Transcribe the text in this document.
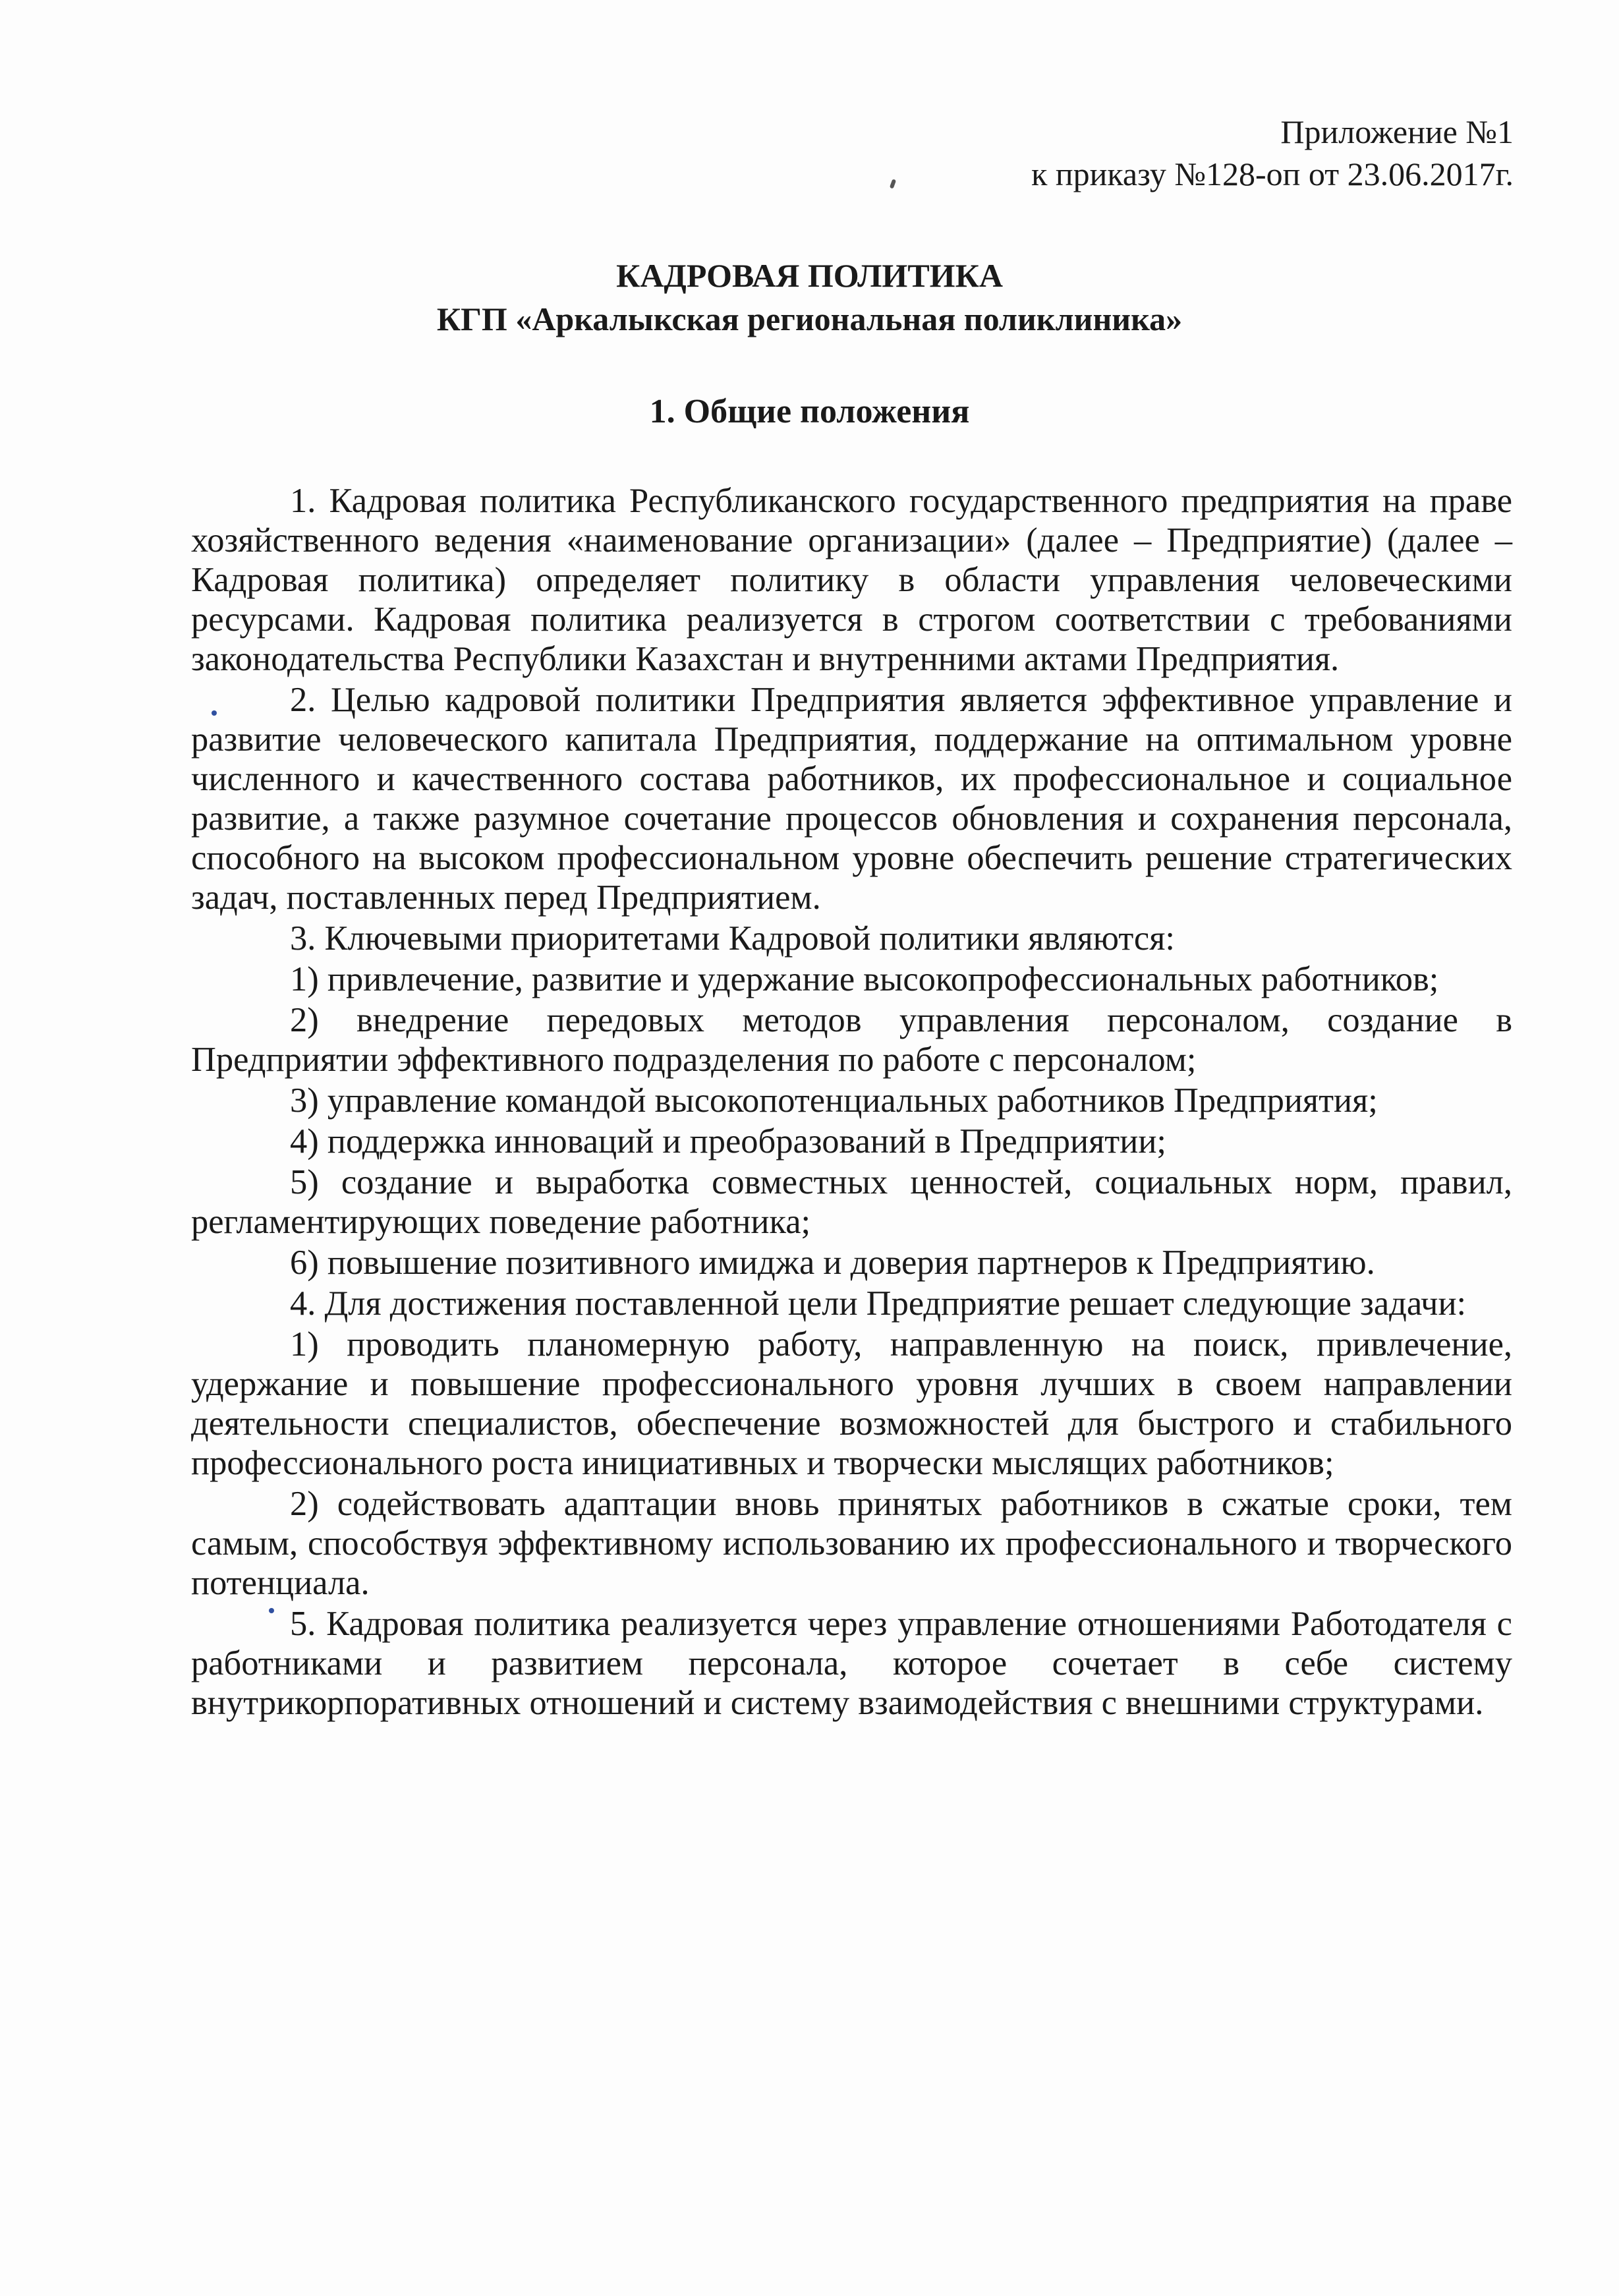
Приложение №1
к приказу №128-оп от 23.06.2017г.
КАДРОВАЯ ПОЛИТИКА
КГП «Аркалыкская региональная поликлиника»
1. Общие положения

1. Кадровая политика Республиканского государственного предприятия на праве хозяйственного ведения «наименование организации» (далее – Предприятие) (далее – Кадровая политика) определяет политику в области управления человеческими ресурсами. Кадровая политика реализуется в строгом соответствии с требованиями законодательства Республики Казахстан и внутренними актами Предприятия.

2. Целью кадровой политики Предприятия является эффективное управление и развитие человеческого капитала Предприятия, поддержание на оптимальном уровне численного и качественного состава работников, их профессиональное и социальное развитие, а также разумное сочетание процессов обновления и сохранения персонала, способного на высоком профессиональном уровне обеспечить решение стратегических задач, поставленных перед Предприятием.

3. Ключевыми приоритетами Кадровой политики являются:

1) привлечение, развитие и удержание высокопрофессиональных работников;

2) внедрение передовых методов управления персоналом, создание в Предприятии эффективного подразделения по работе с персоналом;

3) управление командой высокопотенциальных работников Предприятия;

4) поддержка инноваций и преобразований в Предприятии;

5) создание и выработка совместных ценностей, социальных норм, правил, регламентирующих поведение работника;

6) повышение позитивного имиджа и доверия партнеров к Предприятию.

4. Для достижения поставленной цели Предприятие решает следующие задачи:

1) проводить планомерную работу, направленную на поиск, привлечение, удержание и повышение профессионального уровня лучших в своем направлении деятельности специалистов, обеспечение возможностей для быстрого и стабильного профессионального роста инициативных и творчески мыслящих работников;

2) содействовать адаптации вновь принятых работников в сжатые сроки, тем самым, способствуя эффективному использованию их профессионального и творческого потенциала.

5. Кадровая политика реализуется через управление отношениями Работодателя с работниками и развитием персонала, которое сочетает в себе систему внутрикорпоративных отношений и систему взаимодействия с внешними структурами.
